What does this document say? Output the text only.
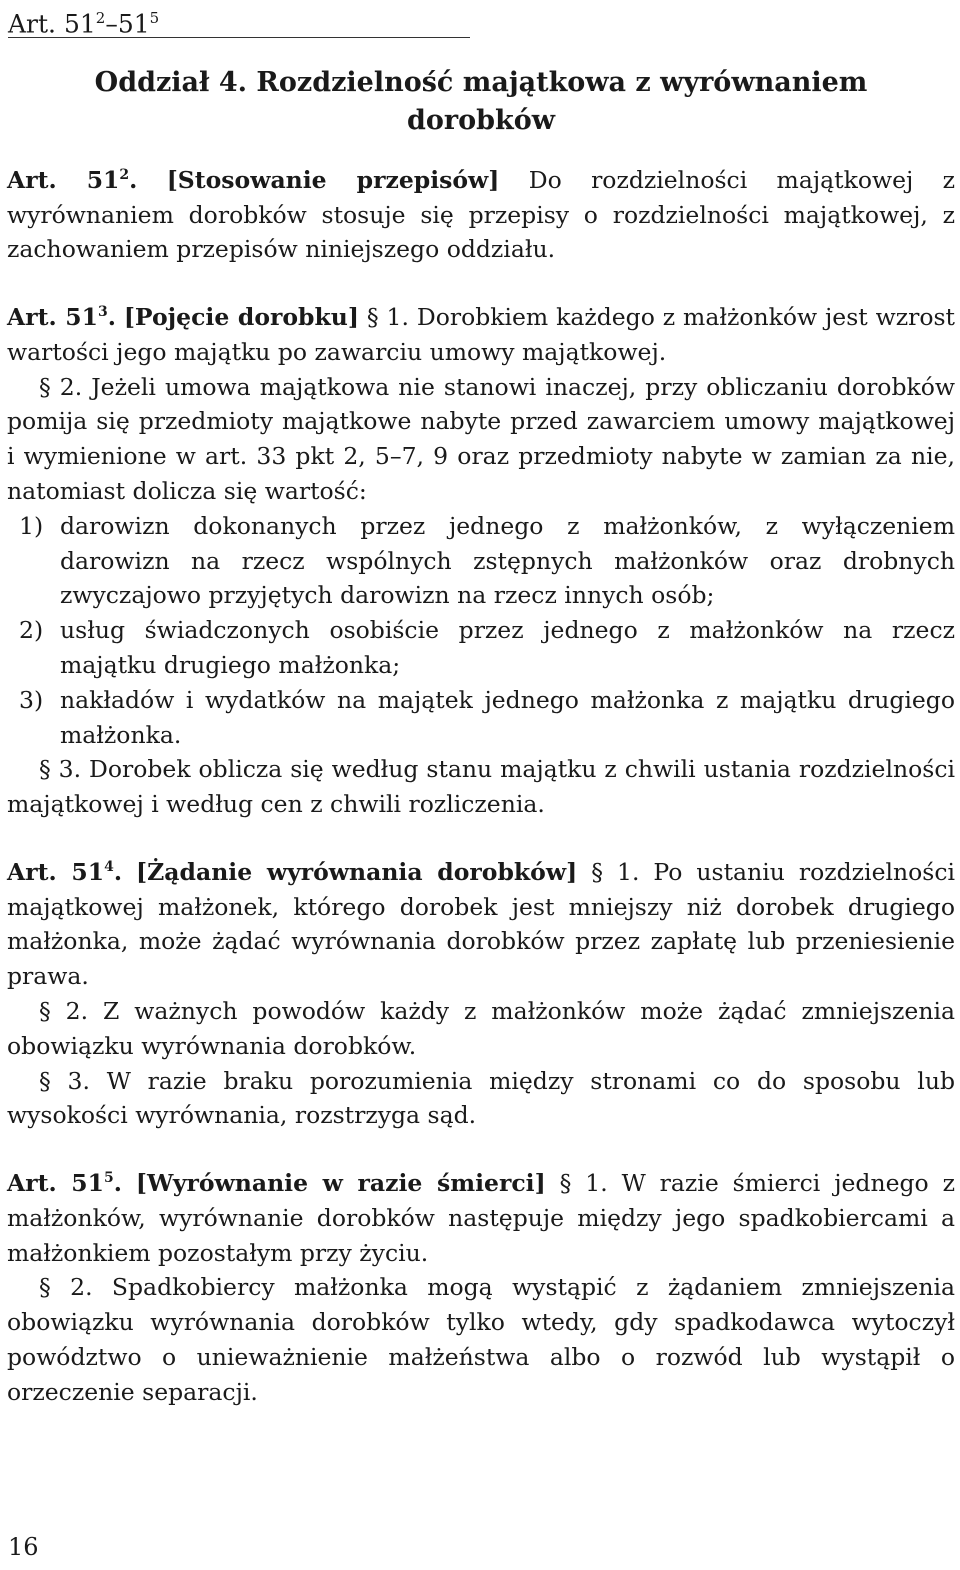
Art. $51^2-51^5$
Oddział 4. Rozdzielność majątkowa z wyrównaniem dorobków

Art. $51^2$. [Stosowanie przepisów] Do rozdzielności majątkowej z wyrównaniem dorobków stosuje się przepisy o rozdzielności majątkowej, z zachowaniem przepisów niniejszego oddziału.

Art. $51^3$. [Pojęcie dorobku] § 1. Dorobkiem każdego z małżonków jest wzrost wartości jego majątku po zawarciu umowy majątkowej.

§ 2. Jeżeli umowa majątkowa nie stanowi inaczej, przy obliczaniu dorobków pomija się przedmioty majątkowe nabyte przed zawarciem umowy majątkowej i wymienione w art. 33 pkt 2, 5–7, 9 oraz przedmioty nabyte w zamian za nie, natomiast dolicza się wartość:

1) darowizn dokonanych przez jednego z małżonków, z wyłączeniem darowizn na rzecz wspólnych zstępnych małżonków oraz drobnych zwyczajowo przyjętych darowizn na rzecz innych osób;
2) usług świadczonych osobiście przez jednego z małżonków na rzecz majątku drugiego małżonka;
3) nakładów i wydatków na majątek jednego małżonka z majątku drugiego małżonka.

§ 3. Dorobek oblicza się według stanu majątku z chwili ustania rozdzielności majątkowej i według cen z chwili rozliczenia.

Art. $51^4$. [Żądanie wyrównania dorobków] § 1. Po ustaniu rozdzielności majątkowej małżonek, którego dorobek jest mniejszy niż dorobek drugiego małżonka, może żądać wyrównania dorobków przez zapłatę lub przeniesienie prawa.

§ 2. Z ważnych powodów każdy z małżonków może żądać zmniejszenia obowiązku wyrównania dorobków.

§ 3. W razie braku porozumienia między stronami co do sposobu lub wysokości wyrównania, rozstrzyga sąd.

Art. $51^5$. [Wyrównanie w razie śmierci] § 1. W razie śmierci jednego z małżonków, wyrównanie dorobków następuje między jego spadkobiercami a małżonkiem pozostałym przy życiu.

§ 2. Spadkobiercy małżonka mogą wystąpić z żądaniem zmniejszenia obowiązku wyrównania dorobków tylko wtedy, gdy spadkodawca wytoczył powództwo o unieważnienie małżeństwa albo o rozwód lub wystąpił o orzeczenie separacji.

16
